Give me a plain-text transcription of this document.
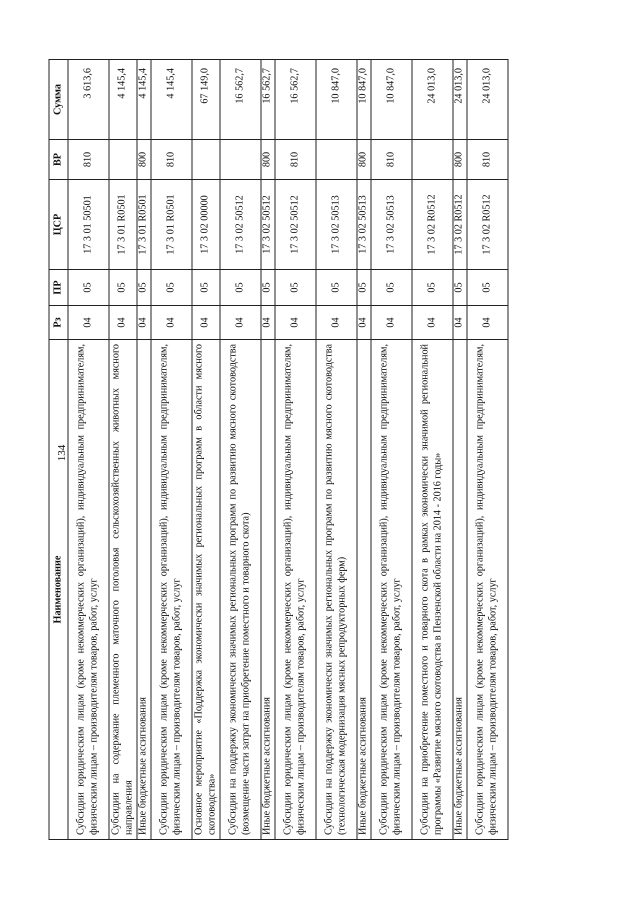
134
Наименование	Рз	ПР	ЦСР	ВР	Сумма
Субсидии юридическим лицам (кроме некоммерческих организаций), индивидуальным предпринимателям, физическим лицам – производителям товаров, работ, услуг	04	05	17 3 01 50501	810	3 613,6
Субсидии на содержание племенного маточного поголовья сельскохозяйственных животных мясного направления	04	05	17 3 01 R0501		4 145,4
Иные бюджетные ассигнования	04	05	17 3 01 R0501	800	4 145,4
Субсидии юридическим лицам (кроме некоммерческих организаций), индивидуальным предпринимателям, физическим лицам – производителям товаров, работ, услуг	04	05	17 3 01 R0501	810	4 145,4
Основное мероприятие «Поддержка экономически значимых региональных программ в области мясного скотоводства»	04	05	17 3 02 00000		67 149,0
Субсидии на поддержку экономически значимых региональных программ по развитию мясного скотоводства (возмещение части затрат на приобретение поместного и товарного скота)	04	05	17 3 02 50512		16 562,7
Иные бюджетные ассигнования	04	05	17 3 02 50512	800	16 562,7
Субсидии юридическим лицам (кроме некоммерческих организаций), индивидуальным предпринимателям, физическим лицам – производителям товаров, работ, услуг	04	05	17 3 02 50512	810	16 562,7
Субсидии на поддержку экономически значимых региональных программ по развитию мясного скотоводства (технологическая модернизация мясных репродукторных ферм)	04	05	17 3 02 50513		10 847,0
Иные бюджетные ассигнования	04	05	17 3 02 50513	800	10 847,0
Субсидии юридическим лицам (кроме некоммерческих организаций), индивидуальным предпринимателям, физическим лицам – производителям товаров, работ, услуг	04	05	17 3 02 50513	810	10 847,0
Субсидии на приобретение поместного и товарного скота в рамках экономически значимой региональной программы «Развитие мясного скотоводства в Пензенской области на 2014 - 2016 годы»	04	05	17 3 02 R0512		24 013,0
Иные бюджетные ассигнования	04	05	17 3 02 R0512	800	24 013,0
Субсидии юридическим лицам (кроме некоммерческих организаций), индивидуальным предпринимателям, физическим лицам – производителям товаров, работ, услуг	04	05	17 3 02 R0512	810	24 013,0
